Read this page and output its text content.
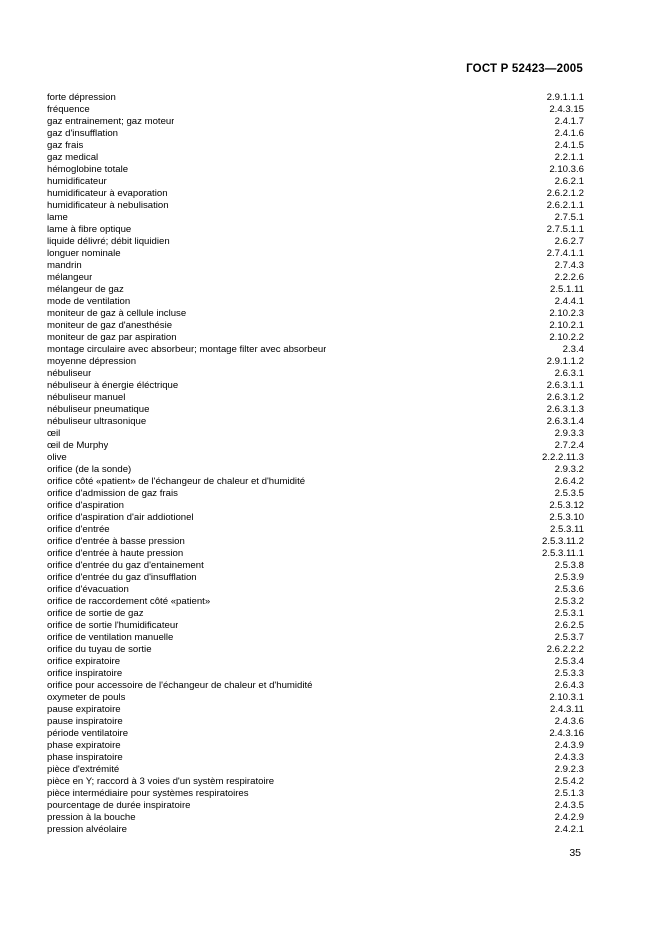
ГОСТ Р 52423—2005
forte dépression	2.9.1.1.1
fréquence	2.4.3.15
gaz entrainement; gaz moteur	2.4.1.7
gaz d'insufflation	2.4.1.6
gaz frais	2.4.1.5
gaz medical	2.2.1.1
hémoglobine totale	2.10.3.6
humidificateur	2.6.2.1
humidificateur à evaporation	2.6.2.1.2
humidificateur à nebulisation	2.6.2.1.1
lame	2.7.5.1
lame à fibre optique	2.7.5.1.1
liquide délivré; débit liquidien	2.6.2.7
longuer nominale	2.7.4.1.1
mandrin	2.7.4.3
mélangeur	2.2.2.6
mélangeur de gaz	2.5.1.11
mode de ventilation	2.4.4.1
moniteur de gaz à cellule incluse	2.10.2.3
moniteur de gaz d'anesthésie	2.10.2.1
moniteur de gaz par aspiration	2.10.2.2
montage circulaire avec absorbeur; montage filter avec absorbeur	2.3.4
moyenne dépression	2.9.1.1.2
nébuliseur	2.6.3.1
nébuliseur à énergie éléctrique	2.6.3.1.1
nébuliseur manuel	2.6.3.1.2
nébuliseur pneumatique	2.6.3.1.3
nébuliseur ultrasonique	2.6.3.1.4
œil	2.9.3.3
œil de Murphy	2.7.2.4
olive	2.2.2.11.3
orifice (de la sonde)	2.9.3.2
orifice côté «patient» de l'échangeur de chaleur et d'humidité	2.6.4.2
orifice d'admission de gaz frais	2.5.3.5
orifice d'aspiration	2.5.3.12
orifice d'aspiration d'air addiotionel	2.5.3.10
orifice d'entrée	2.5.3.11
orifice d'entrée à basse pression	2.5.3.11.2
orifice d'entrée à haute pression	2.5.3.11.1
orifice d'entrée du gaz d'entainement	2.5.3.8
orifice d'entrée du gaz d'insufflation	2.5.3.9
orifice d'évacuation	2.5.3.6
orifice de raccordement côté «patient»	2.5.3.2
orifice de sortie de gaz	2.5.3.1
orifice de sortie l'humidificateur	2.6.2.5
orifice de ventilation manuelle	2.5.3.7
orifice du tuyau de sortie	2.6.2.2.2
orifice expiratoire	2.5.3.4
orifice inspiratoire	2.5.3.3
orifice pour accessoire de l'échangeur de chaleur et d'humidité	2.6.4.3
oxymeter de pouls	2.10.3.1
pause expiratoire	2.4.3.11
pause inspiratoire	2.4.3.6
période ventilatoire	2.4.3.16
phase expiratoire	2.4.3.9
phase inspiratoire	2.4.3.3
pièce d'extrémité	2.9.2.3
pièce en Y; raccord à 3 voies d'un systèm respiratoire	2.5.4.2
pièce intermédiaire pour systèmes respiratoires	2.5.1.3
pourcentage de durée inspiratoire	2.4.3.5
pression à la bouche	2.4.2.9
pression alvéolaire	2.4.2.1
35
